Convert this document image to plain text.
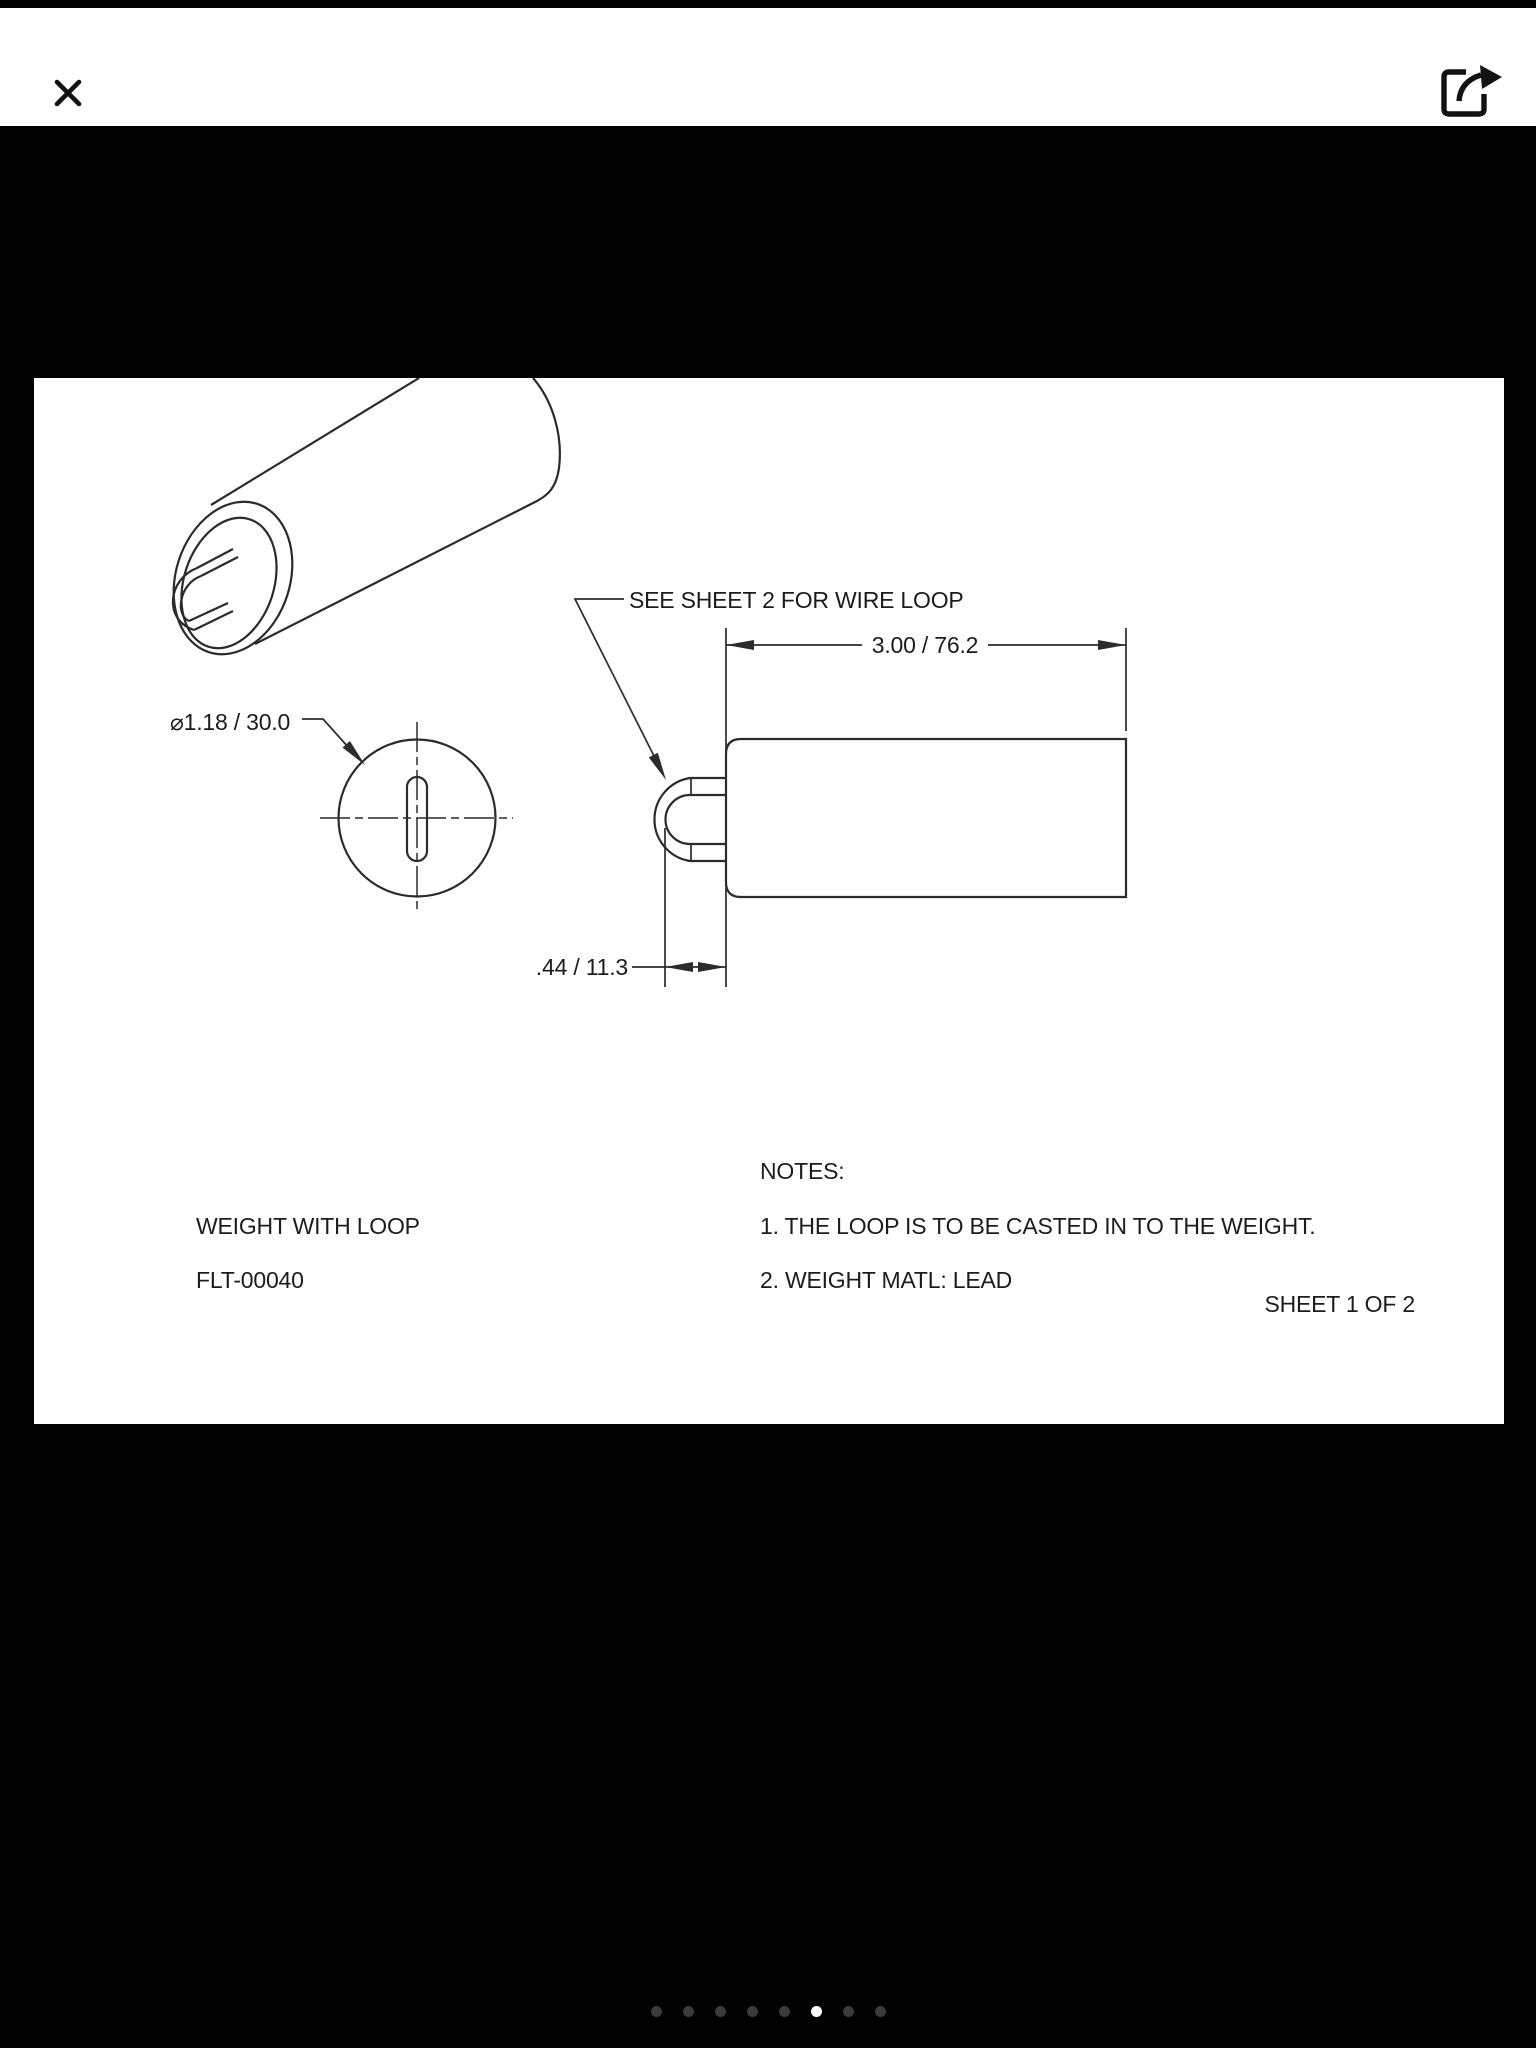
⌀1.18 / 30.0
3.00 / 76.2
.44 / 11.3
SEE SHEET 2 FOR WIRE LOOP
NOTES:
1. THE LOOP IS TO BE CASTED IN TO THE WEIGHT.
2. WEIGHT MATL: LEAD
WEIGHT WITH LOOP
FLT-00040
SHEET 1 OF 2
